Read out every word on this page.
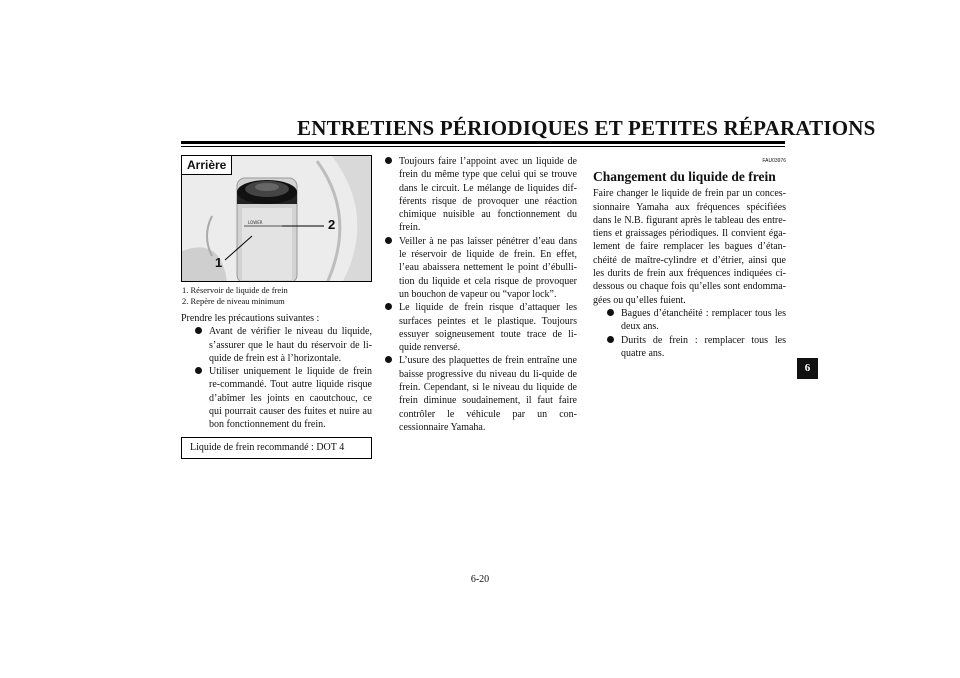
ENTRETIENS PÉRIODIQUES ET PETITES RÉPARATIONS
LOWER
Arrière
2
1
1. Réservoir de liquide de frein
2. Repère de niveau minimum

Prendre les précautions suivantes :

Avant de vérifier le niveau du liquide, s’assurer que le haut du réservoir de li-quide de frein est à l’horizontale.
Utiliser uniquement le liquide de frein re-commandé. Tout autre liquide risque d’abîmer les joints en caoutchouc, ce qui pourrait causer des fuites et nuire au bon fonctionnement du frein.
Liquide de frein recommandé : DOT 4
Toujours faire l’appoint avec un liquide de frein du même type que celui qui se trouve dans le circuit. Le mélange de liquides dif-férents risque de provoquer une réaction chimique nuisible au fonctionnement du frein.
Veiller à ne pas laisser pénétrer d’eau dans le réservoir de liquide de frein. En effet, l’eau abaissera nettement le point d’ébulli-tion du liquide et cela risque de provoquer un bouchon de vapeur ou “vapor lock”.
Le liquide de frein risque d’attaquer les surfaces peintes et le plastique. Toujours essuyer soigneusement toute trace de li-quide renversé.
L’usure des plaquettes de frein entraîne une baisse progressive du niveau du li-quide de frein. Cependant, si le niveau du liquide de frein diminue soudainement, il faut faire contrôler le véhicule par un con-cessionnaire Yamaha.
FAU03976
Changement du liquide de frein

Faire changer le liquide de frein par un conces-sionnaire Yamaha aux fréquences spécifiées dans le N.B. figurant après le tableau des entre-tiens et graissages périodiques. Il convient éga-lement de faire remplacer les bagues d’étan-chéité de maître-cylindre et d’étrier, ainsi que les durits de frein aux fréquences indiquées ci-dessous ou chaque fois qu’elles sont endomma-gées ou qu’elles fuient.

Bagues d’étanchéité : remplacer tous les deux ans.
Durits de frein : remplacer tous les quatre ans.
6-20
6
